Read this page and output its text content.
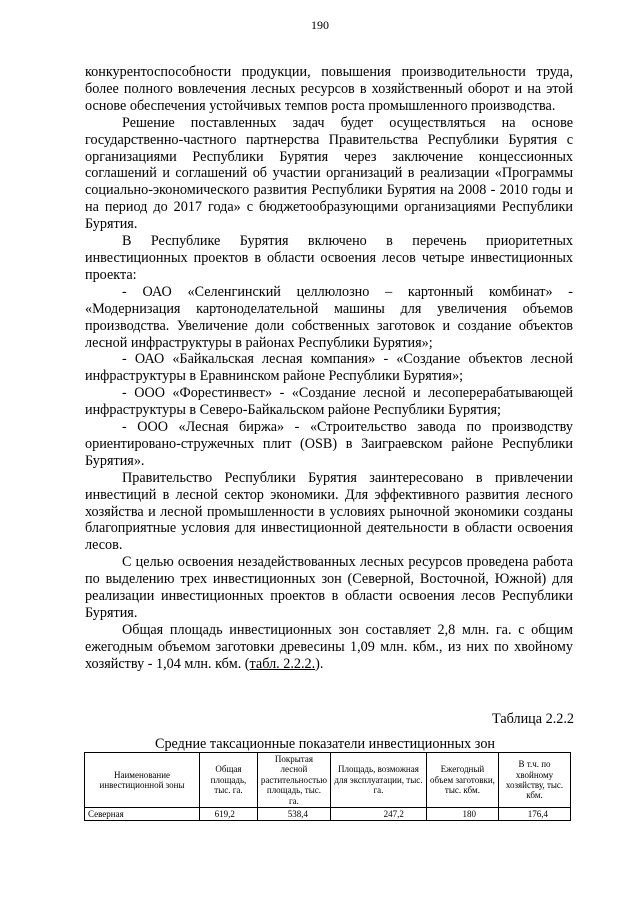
190

конкурентоспособности продукции, повышения производительности труда, более полного вовлечения лесных ресурсов в хозяйственный оборот и на этой основе обеспечения устойчивых темпов роста промышленного производства.

Решение поставленных задач будет осуществляться на основе государственно-частного партнерства Правительства Республики Бурятия с организациями Республики Бурятия через заключение концессионных соглашений и соглашений об участии организаций в реализации «Программы социально-экономического развития Республики Бурятия на 2008 - 2010 годы и на период до 2017 года» с бюджетообразующими организациями Республики Бурятия.

В Республике Бурятия включено в перечень приоритетных инвестиционных проектов в области освоения лесов четыре инвестиционных проекта:

- ОАО «Селенгинский целлюлозно – картонный комбинат» - «Модернизация картоноделательной машины для увеличения объемов производства. Увеличение доли собственных заготовок и создание объектов лесной инфраструктуры в районах Республики Бурятия»;

- ОАО «Байкальская лесная компания» - «Создание объектов лесной инфраструктуры в Еравнинском районе Республики Бурятия»;

- ООО «Форестинвест» - «Создание лесной и лесоперерабатывающей инфраструктуры в Северо-Байкальском районе Республики Бурятия;

- ООО «Лесная биржа» - «Строительство завода по производству ориентировано-стружечных плит (OSB) в Заиграевском районе Республики Бурятия».

Правительство Республики Бурятия заинтересовано в привлечении инвестиций в лесной сектор экономики. Для эффективного развития лесного хозяйства и лесной промышленности в условиях рыночной экономики созданы благоприятные условия для инвестиционной деятельности в области освоения лесов.

С целью освоения незадействованных лесных ресурсов проведена работа по выделению трех инвестиционных зон (Северной, Восточной, Южной) для реализации инвестиционных проектов в области освоения лесов Республики Бурятия.

Общая площадь инвестиционных зон составляет 2,8 млн. га. с общим ежегодным объемом заготовки древесины 1,09 млн. кбм., из них по хвойному хозяйству - 1,04 млн. кбм. (табл. 2.2.2.).

Таблица 2.2.2
Средние таксационные показатели инвестиционных зон
Наименование инвестиционной зоны	Общая площадь, тыс. га.	Покрытая лесной растительностью площадь, тыс. га.	Площадь, возможная для эксплуатации, тыс. га.	Ежегодный объем заготовки, тыс. кбм.	В т.ч. по хвойному хозяйству, тыс. кбм.
Северная	619,2	538,4	247,2	180	176,4
